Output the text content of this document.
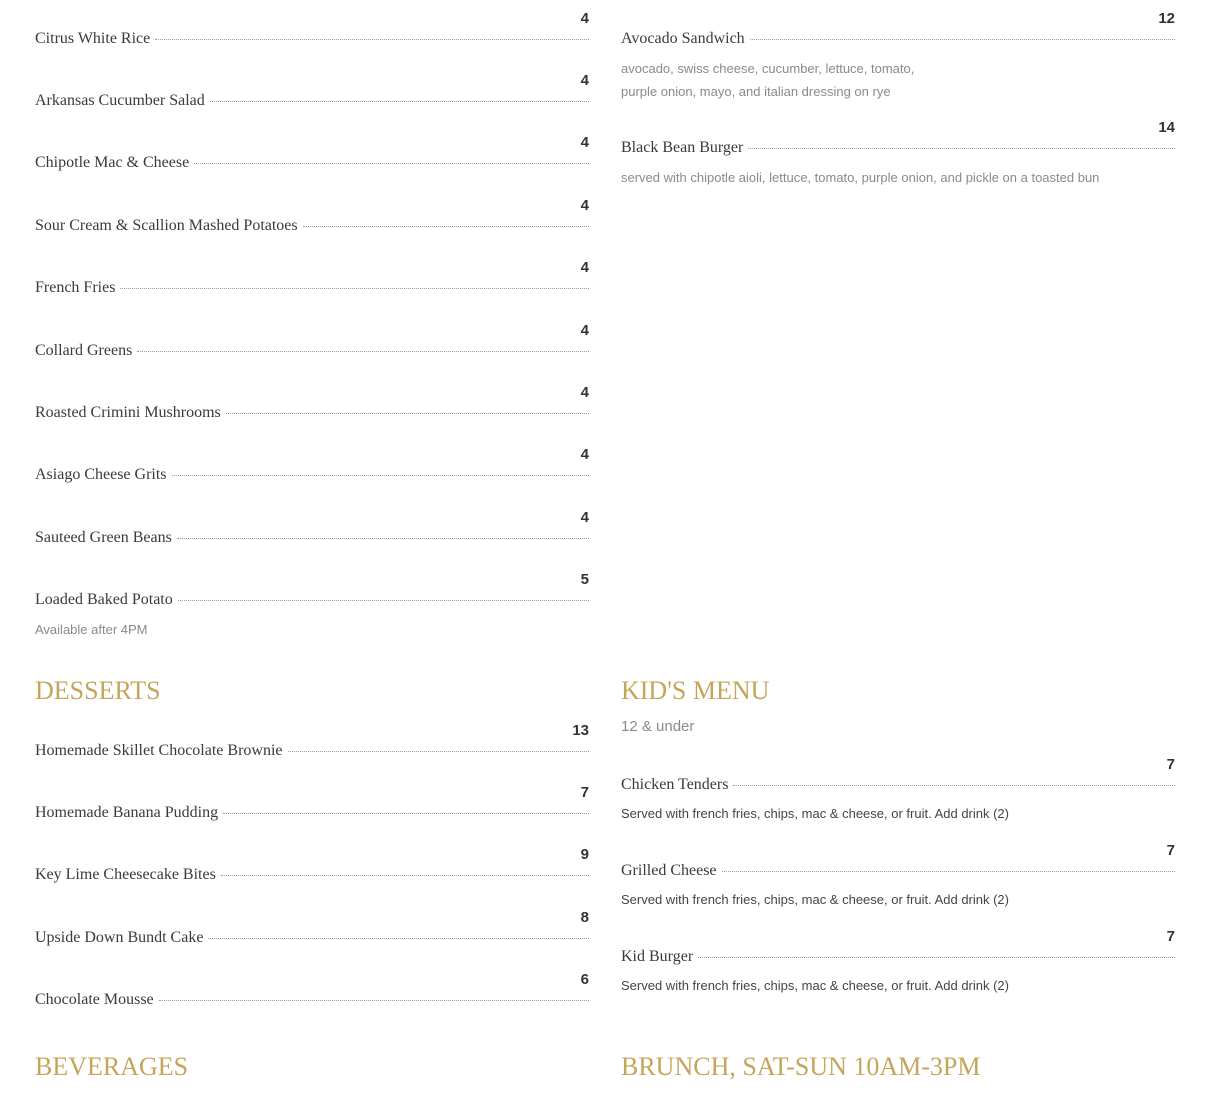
4
Citrus White Rice
4
Arkansas Cucumber Salad
4
Chipotle Mac & Cheese
4
Sour Cream & Scallion Mashed Potatoes
4
French Fries
4
Collard Greens
4
Roasted Crimini Mushrooms
4
Asiago Cheese Grits
4
Sauteed Green Beans
5
Loaded Baked Potato
Available after 4PM
12
Avocado Sandwich
avocado, swiss cheese, cucumber, lettuce, tomato,
purple onion, mayo, and italian dressing on rye
14
Black Bean Burger
served with chipotle aioli, lettuce, tomato, purple onion, and pickle on a toasted bun
DESSERTS
13
Homemade Skillet Chocolate Brownie
7
Homemade Banana Pudding
9
Key Lime Cheesecake Bites
8
Upside Down Bundt Cake
6
Chocolate Mousse
KID'S MENU
12 & under
7
Chicken Tenders
Served with french fries, chips, mac & cheese, or fruit. Add drink (2)
7
Grilled Cheese
Served with french fries, chips, mac & cheese, or fruit. Add drink (2)
7
Kid Burger
Served with french fries, chips, mac & cheese, or fruit. Add drink (2)
BEVERAGES	BRUNCH, SAT-SUN 10AM-3PM
